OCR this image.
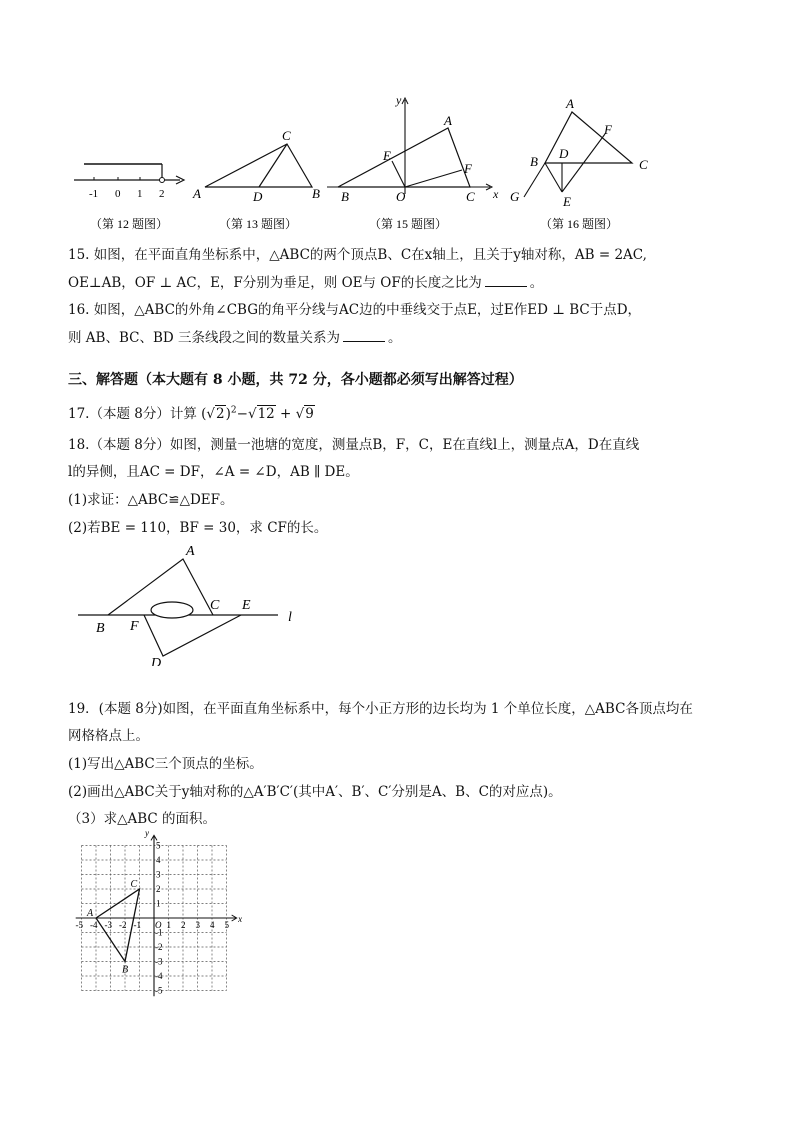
-1 0 1 2
（第 12 题图）
A	B
C
D
（第 13 题图）
y
x
A
B	C
E
F
O
（第 15 题图）
A
B	C
D
E
F
G
（第 16 题图）
15. 如图，在平面直角坐标系中，△ABC的两个顶点B、C在x轴上，且关于y轴对称，AB = 2AC,
OE⊥AB，OF ⊥ AC，E，F分别为垂足，则 OE与 OF的长度之比为	。
16. 如图，△ABC的外角∠CBG的角平分线与AC边的中垂线交于点E，过E作ED ⊥ BC于点D，
则 AB、BC、BD 三条线段之间的数量关系为	。
三、解答题（本大题有 8 小题，共 72 分，各小题都必须写出解答过程）
17.（本题 8分）计算 $(√2)^2-√12 + √9$
18.（本题 8分）如图，测量一池塘的宽度，测量点B，F，C，E在直线l上，测量点A，D在直线
l的异侧，且AC = DF，∠A = ∠D，AB ∥ DE。
(1)求证：△ABC≌△DEF。
(2)若BE = 110，BF = 30，求 CF的长。
A
B F
C E
D
l
19．(本题 8分)如图，在平面直角坐标系中，每个小正方形的边长均为 1 个单位长度，△ABC各顶点均在
网格格点上。
(1)写出△ABC三个顶点的坐标。
(2)画出△ABC关于y轴对称的△A′B′C′(其中A′、B′、C′分别是A、B、C的对应点)。
（3）求△ABC 的面积。
-5 -4 -3 -2 -1 O 1 2 3 4 5
x
5
4
3
2
1
-1
-2
-3
-4
-5
y
A
B
C
